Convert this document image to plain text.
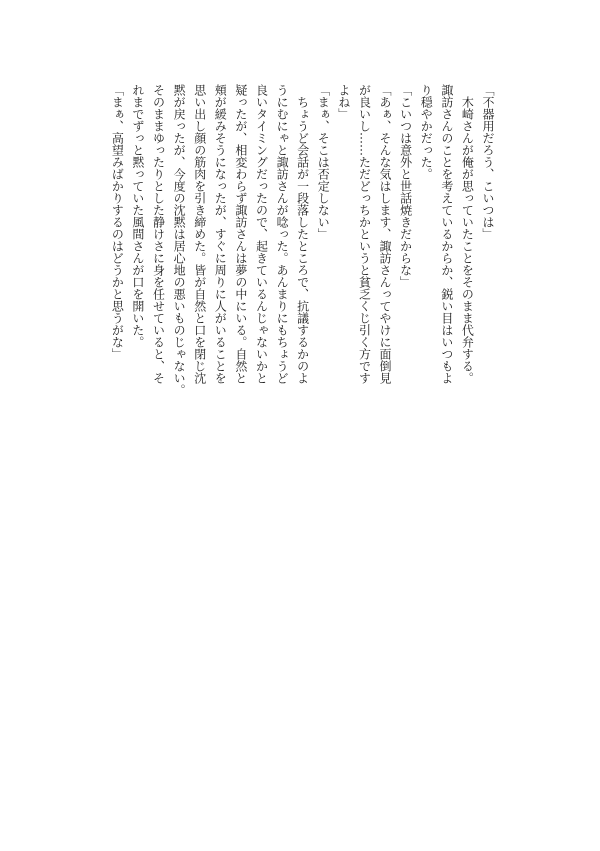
「不器用だろう、こいつは」
　木崎さんが俺が思っていたことをそのまま代弁する。
諏訪さんのことを考えているからか、鋭い目はいつもよ
り穏やかだった。
「こいつは意外と世話焼きだからな」
「あぁ、そんな気はします、諏訪さんってやけに面倒見
が良いし……ただどっちかというと貧乏くじ引く方です
よね」
「まぁ、そこは否定しない」
　ちょうど会話が一段落したところで、抗議するかのよ
うにむにゃと諏訪さんが唸った。あんまりにもちょうど
良いタイミングだったので、起きているんじゃないかと
疑ったが、相変わらず諏訪さんは夢の中にいる。自然と
頬が緩みそうになったが、すぐに周りに人がいることを
思い出し顔の筋肉を引き締めた。皆が自然と口を閉じ沈
黙が戻ったが、今度の沈黙は居心地の悪いものじゃない。
そのままゆったりとした静けさに身を任せていると、そ
れまでずっと黙っていた風間さんが口を開いた。
「まぁ、高望みばかりするのはどうかと思うがな」
